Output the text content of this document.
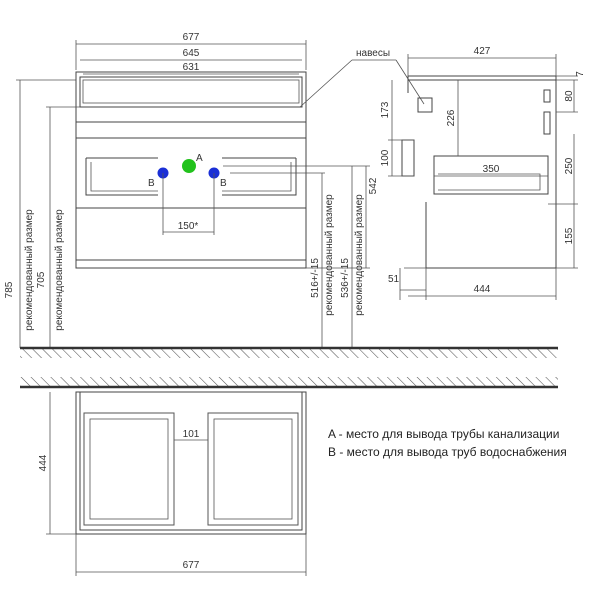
A
B	B
150*
677
645
631
навесы
785 рекомендованный размер 705 рекомендованный размер
542
516+/-15 рекомендованный размер 536+/-15 рекомендованный размер
427
7
80
173
100
226
350	250
155
51
444
101
444
677
A - место для вывода трубы канализации
B - место для вывода труб водоснабжения
